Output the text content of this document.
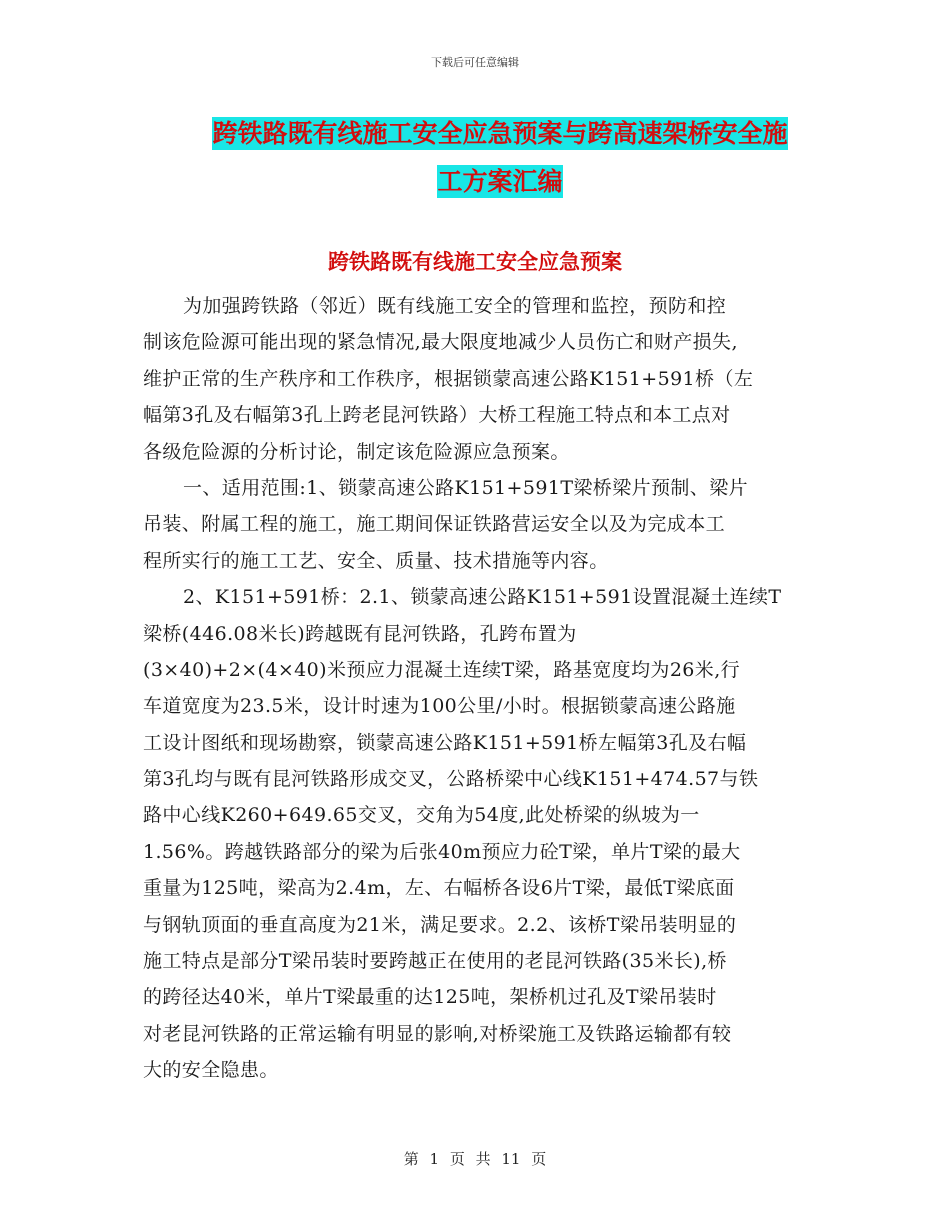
下载后可任意编辑
跨铁路既有线施工安全应急预案与跨高速架桥安全施
工方案汇编
跨铁路既有线施工安全应急预案
为加强跨铁路（邻近）既有线施工安全的管理和监控，预防和控
制该危险源可能出现的紧急情况,最大限度地减少人员伤亡和财产损失,
维护正常的生产秩序和工作秩序，根据锁蒙高速公路K151+591桥（左
幅第3孔及右幅第3孔上跨老昆河铁路）大桥工程施工特点和本工点对
各级危险源的分析讨论，制定该危险源应急预案。
一、适用范围:1、锁蒙高速公路K151+591T梁桥梁片预制、梁片
吊装、附属工程的施工，施工期间保证铁路营运安全以及为完成本工
程所实行的施工工艺、安全、质量、技术措施等内容。
2、K151+591桥：2.1、锁蒙高速公路K151+591设置混凝土连续T
梁桥(446.08米长)跨越既有昆河铁路，孔跨布置为
(3×40)+2×(4×40)米预应力混凝土连续T梁，路基宽度均为26米,行
车道宽度为23.5米，设计时速为100公里/小时。根据锁蒙高速公路施
工设计图纸和现场勘察，锁蒙高速公路K151+591桥左幅第3孔及右幅
第3孔均与既有昆河铁路形成交叉，公路桥梁中心线K151+474.57与铁
路中心线K260+649.65交叉，交角为54度,此处桥梁的纵坡为一
1.56%。跨越铁路部分的梁为后张40m预应力砼T梁，单片T梁的最大
重量为125吨，梁高为2.4m，左、右幅桥各设6片T梁，最低T梁底面
与钢轨顶面的垂直高度为21米，满足要求。2.2、该桥T梁吊装明显的
施工特点是部分T梁吊装时要跨越正在使用的老昆河铁路(35米长),桥
的跨径达40米，单片T梁最重的达125吨，架桥机过孔及T梁吊装时
对老昆河铁路的正常运输有明显的影响,对桥梁施工及铁路运输都有较
大的安全隐患。
第 1 页 共 11 页
